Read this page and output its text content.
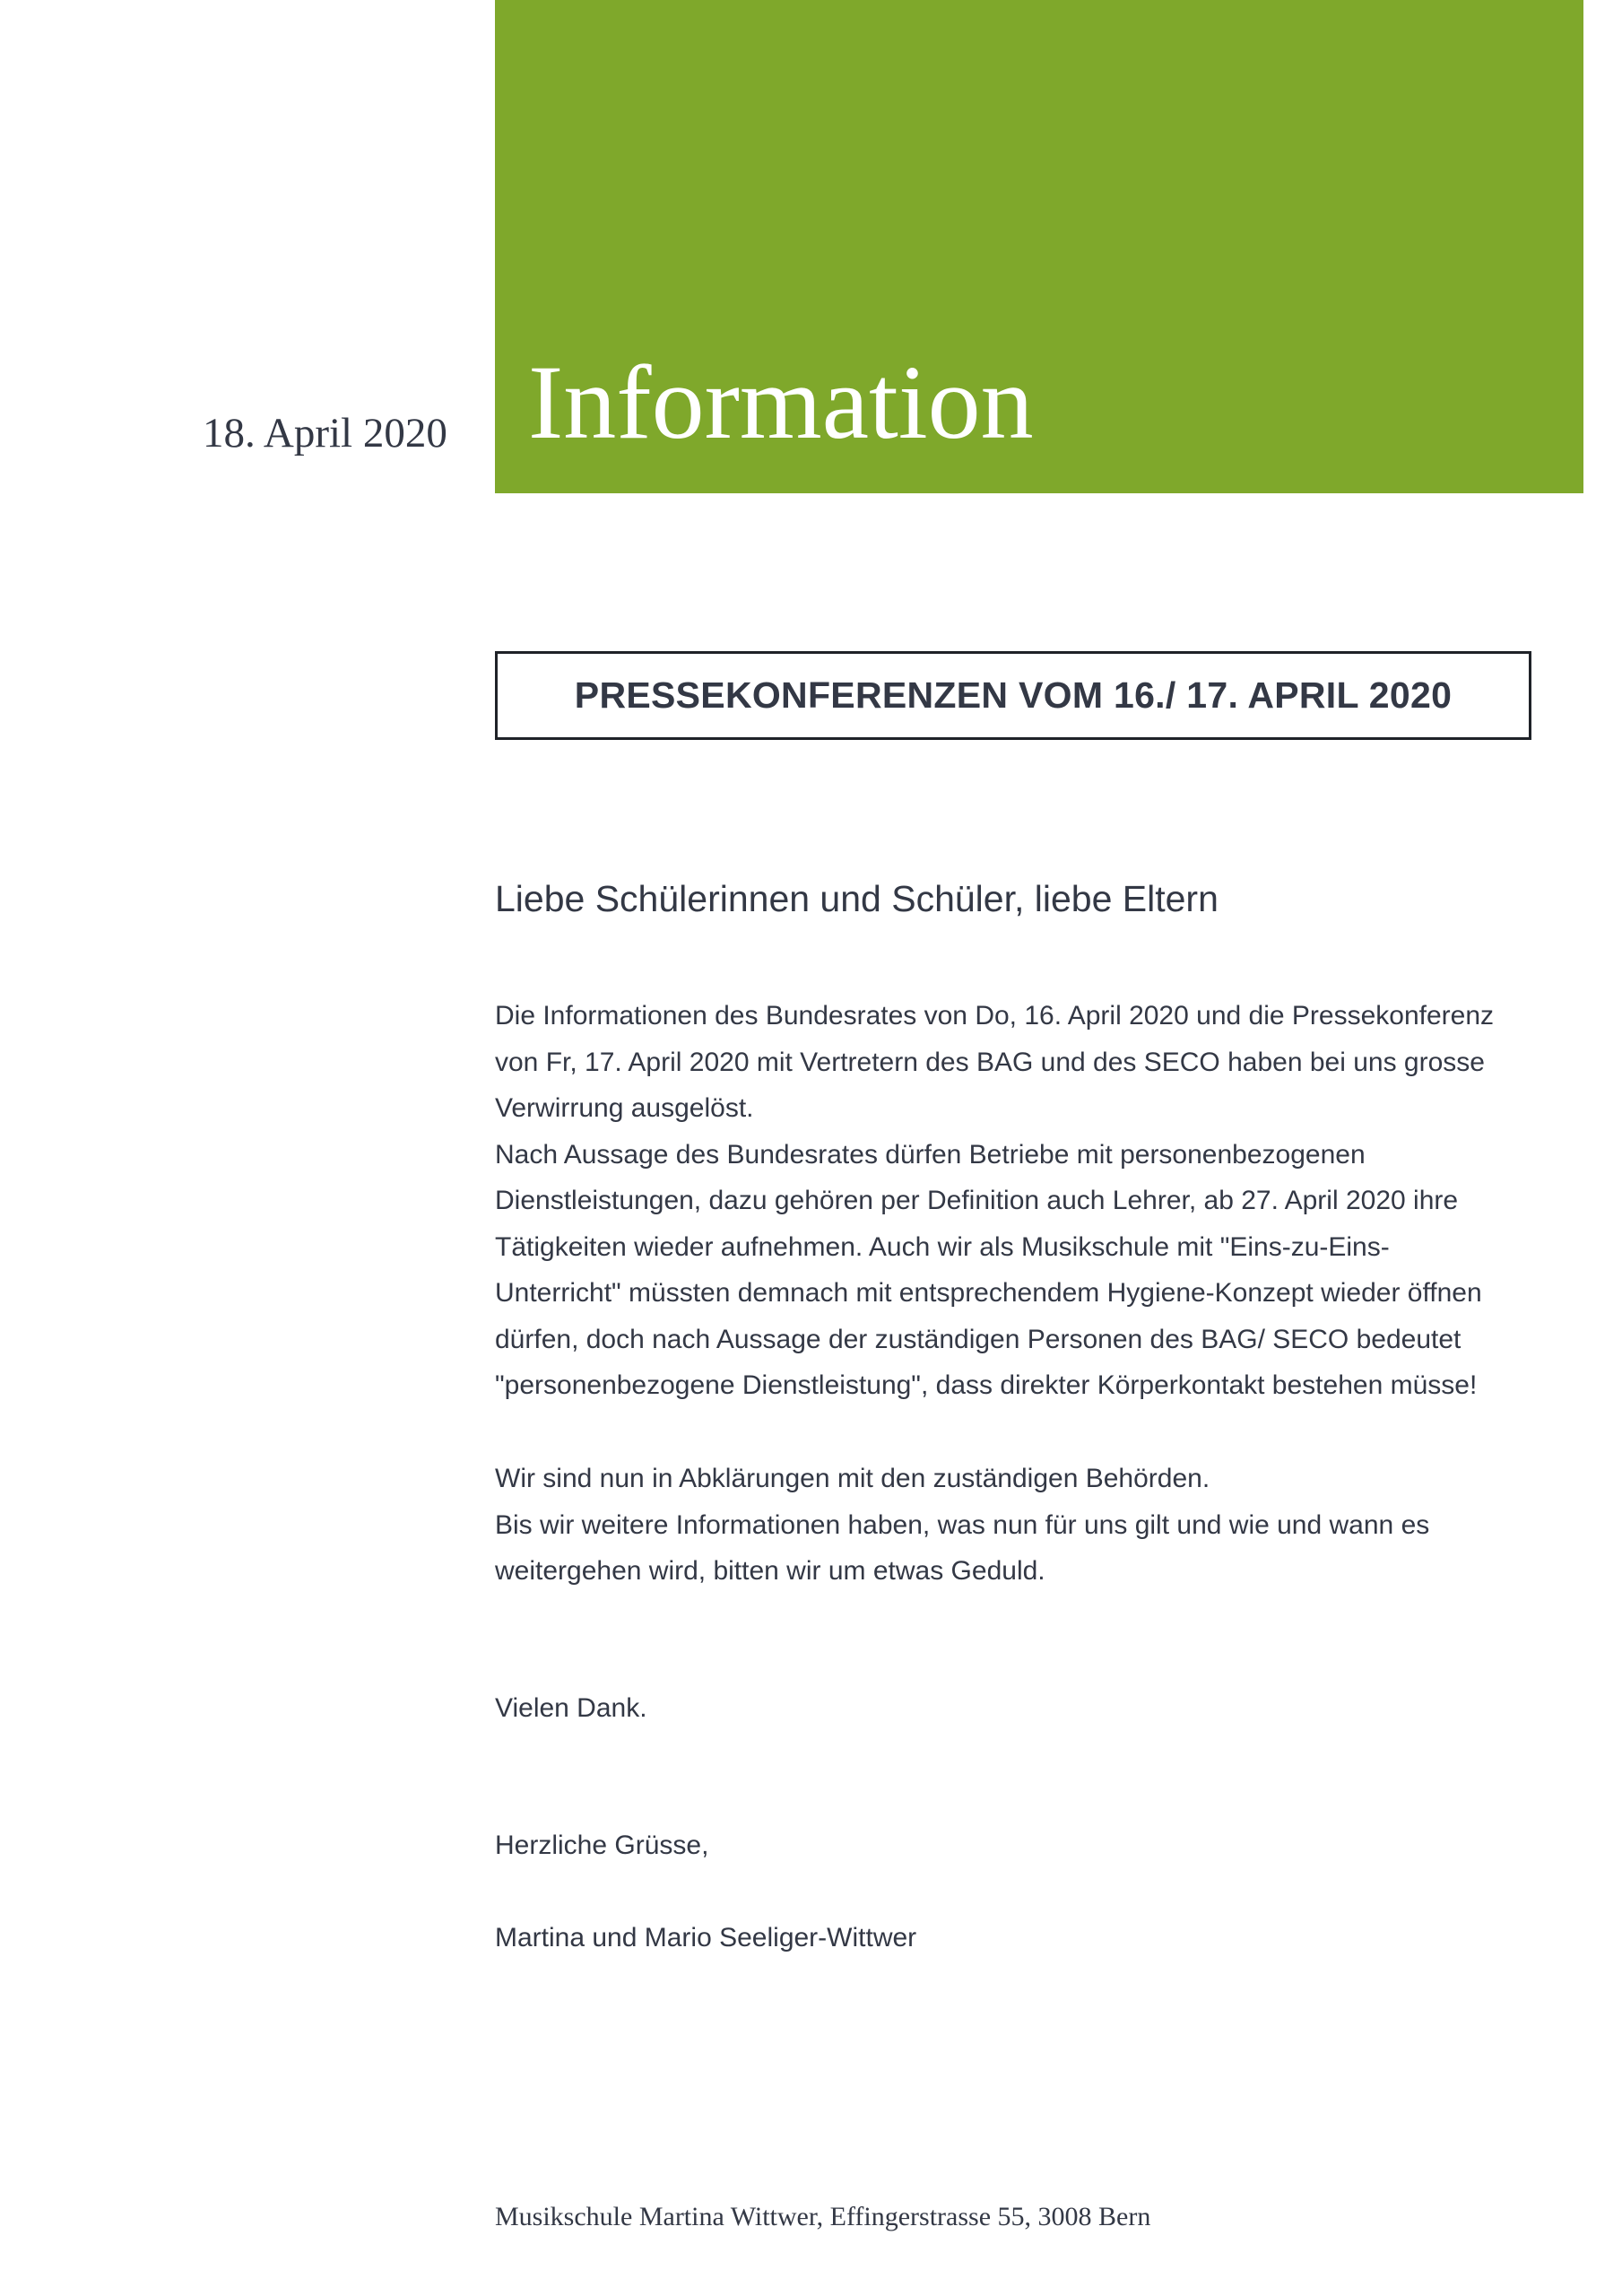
Information
18. April 2020
PRESSEKONFERENZEN VOM 16./ 17. APRIL 2020
Liebe Schülerinnen und Schüler, liebe Eltern
Die Informationen des Bundesrates von Do, 16. April 2020 und die Pressekonferenz
von Fr, 17. April 2020 mit Vertretern des BAG und des SECO haben bei uns grosse
Verwirrung ausgelöst.
Nach Aussage des Bundesrates dürfen Betriebe mit personenbezogenen
Dienstleistungen, dazu gehören per Definition auch Lehrer, ab 27. April 2020 ihre
Tätigkeiten wieder aufnehmen. Auch wir als Musikschule mit "Eins-zu-Eins-
Unterricht" müssten demnach mit entsprechendem Hygiene-Konzept wieder öffnen
dürfen, doch nach Aussage der zuständigen Personen des BAG/ SECO bedeutet
"personenbezogene Dienstleistung", dass direkter Körperkontakt bestehen müsse!
Wir sind nun in Abklärungen mit den zuständigen Behörden.
Bis wir weitere Informationen haben, was nun für uns gilt und wie und wann es
weitergehen wird, bitten wir um etwas Geduld.
Vielen Dank.
Herzliche Grüsse,
Martina und Mario Seeliger-Wittwer
Musikschule Martina Wittwer, Effingerstrasse 55, 3008 Bern
